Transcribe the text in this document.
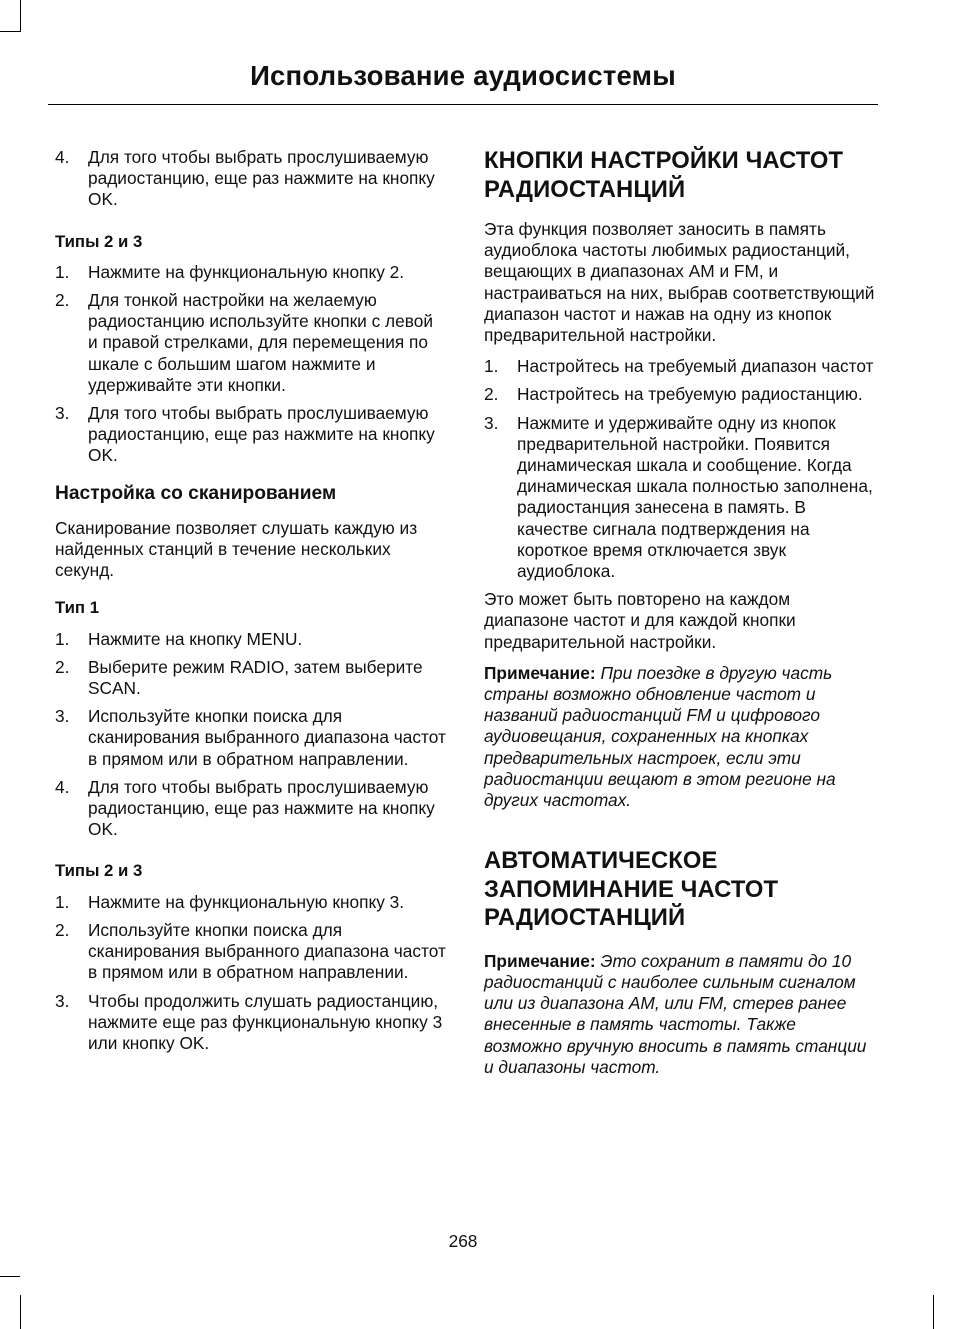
Использование аудиосистемы
4. Для того чтобы выбрать прослушиваемую радиостанцию, еще раз нажмите на кнопку OK.

Типы 2 и 3

1. Нажмите на функциональную кнопку 2.
2. Для тонкой настройки на желаемую радиостанцию используйте кнопки с левой и правой стрелками, для перемещения по шкале с большим шагом нажмите и удерживайте эти кнопки.
3. Для того чтобы выбрать прослушиваемую радиостанцию, еще раз нажмите на кнопку OK.

Настройка со сканированием

Сканирование позволяет слушать каждую из найденных станций в течение нескольких секунд.

Тип 1

1. Нажмите на кнопку MENU.
2. Выберите режим RADIO, затем выберите SCAN.
3. Используйте кнопки поиска для сканирования выбранного диапазона частот в прямом или в обратном направлении.
4. Для того чтобы выбрать прослушиваемую радиостанцию, еще раз нажмите на кнопку OK.

Типы 2 и 3

1. Нажмите на функциональную кнопку 3.
2. Используйте кнопки поиска для сканирования выбранного диапазона частот в прямом или в обратном направлении.
3. Чтобы продолжить слушать радиостанцию, нажмите еще раз функциональную кнопку 3 или кнопку OK.

КНОПКИ НАСТРОЙКИ ЧАСТОТ РАДИОСТАНЦИЙ

Эта функция позволяет заносить в память аудиоблока частоты любимых радиостанций, вещающих в диапазонах AM и FM, и настраиваться на них, выбрав соответствующий диапазон частот и нажав на одну из кнопок предварительной настройки.

1. Настройтесь на требуемый диапазон частот
2. Настройтесь на требуемую радиостанцию.
3. Нажмите и удерживайте одну из кнопок предварительной настройки. Появится динамическая шкала и сообщение. Когда динамическая шкала полностью заполнена, радиостанция занесена в память. В качестве сигнала подтверждения на короткое время отключается звук аудиоблока.

Это может быть повторено на каждом диапазоне частот и для каждой кнопки предварительной настройки.

Примечание: При поездке в другую часть страны возможно обновление частот и названий радиостанций FM и цифрового аудиовещания, сохраненных на кнопках предварительных настроек, если эти радиостанции вещают в этом регионе на других частотах.

АВТОМАТИЧЕСКОЕ ЗАПОМИНАНИЕ ЧАСТОТ РАДИОСТАНЦИЙ

Примечание: Это сохранит в памяти до 10 радиостанций с наиболее сильным сигналом или из диапазона AM, или FM, стерев ранее внесенные в память частоты. Также возможно вручную вносить в память станции и диапазоны частот.

268
